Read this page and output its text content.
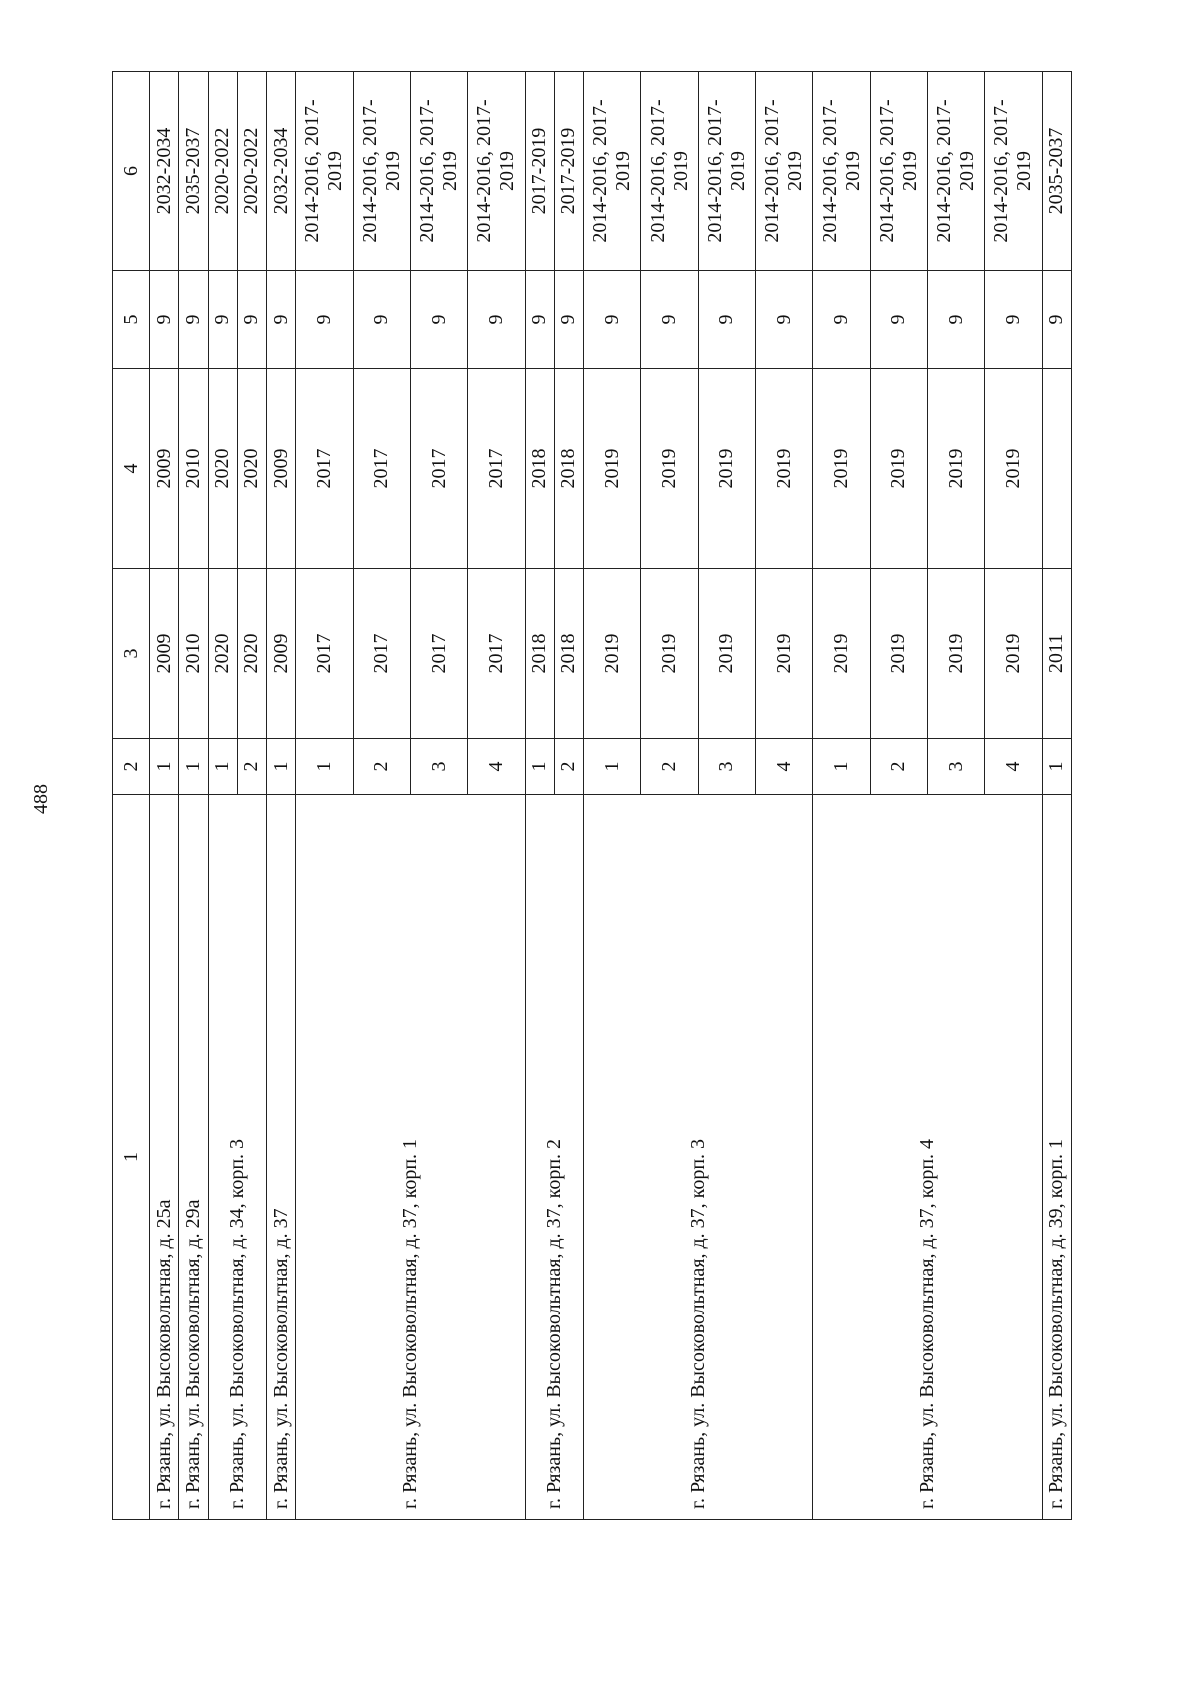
488
1	2	3	4	5	6
г. Рязань, ул. Высоковольтная, д. 25а	1	2009	2009	9	2032-2034
г. Рязань, ул. Высоковольтная, д. 29а	1	2010	2010	9	2035-2037
г. Рязань, ул. Высоковольтная, д. 34, корп. 3	1	2020	2020	9	2020-2022
	2	2020	2020	9	2020-2022
г. Рязань, ул. Высоковольтная, д. 37	1	2009	2009	9	2032-2034
г. Рязань, ул. Высоковольтная, д. 37, корп. 1	1	2017	2017	9	2014-2016, 2017-2019
	2	2017	2017	9	2014-2016, 2017-2019
	3	2017	2017	9	2014-2016, 2017-2019
	4	2017	2017	9	2014-2016, 2017-2019
г. Рязань, ул. Высоковольтная, д. 37, корп. 2	1	2018	2018	9	2017-2019
	2	2018	2018	9	2017-2019
г. Рязань, ул. Высоковольтная, д. 37, корп. 3	1	2019	2019	9	2014-2016, 2017-2019
	2	2019	2019	9	2014-2016, 2017-2019
	3	2019	2019	9	2014-2016, 2017-2019
	4	2019	2019	9	2014-2016, 2017-2019
г. Рязань, ул. Высоковольтная, д. 37, корп. 4	1	2019	2019	9	2014-2016, 2017-2019
	2	2019	2019	9	2014-2016, 2017-2019
	3	2019	2019	9	2014-2016, 2017-2019
	4	2019	2019	9	2014-2016, 2017-2019
г. Рязань, ул. Высоковольтная, д. 39, корп. 1	1	2011		9	2035-2037
